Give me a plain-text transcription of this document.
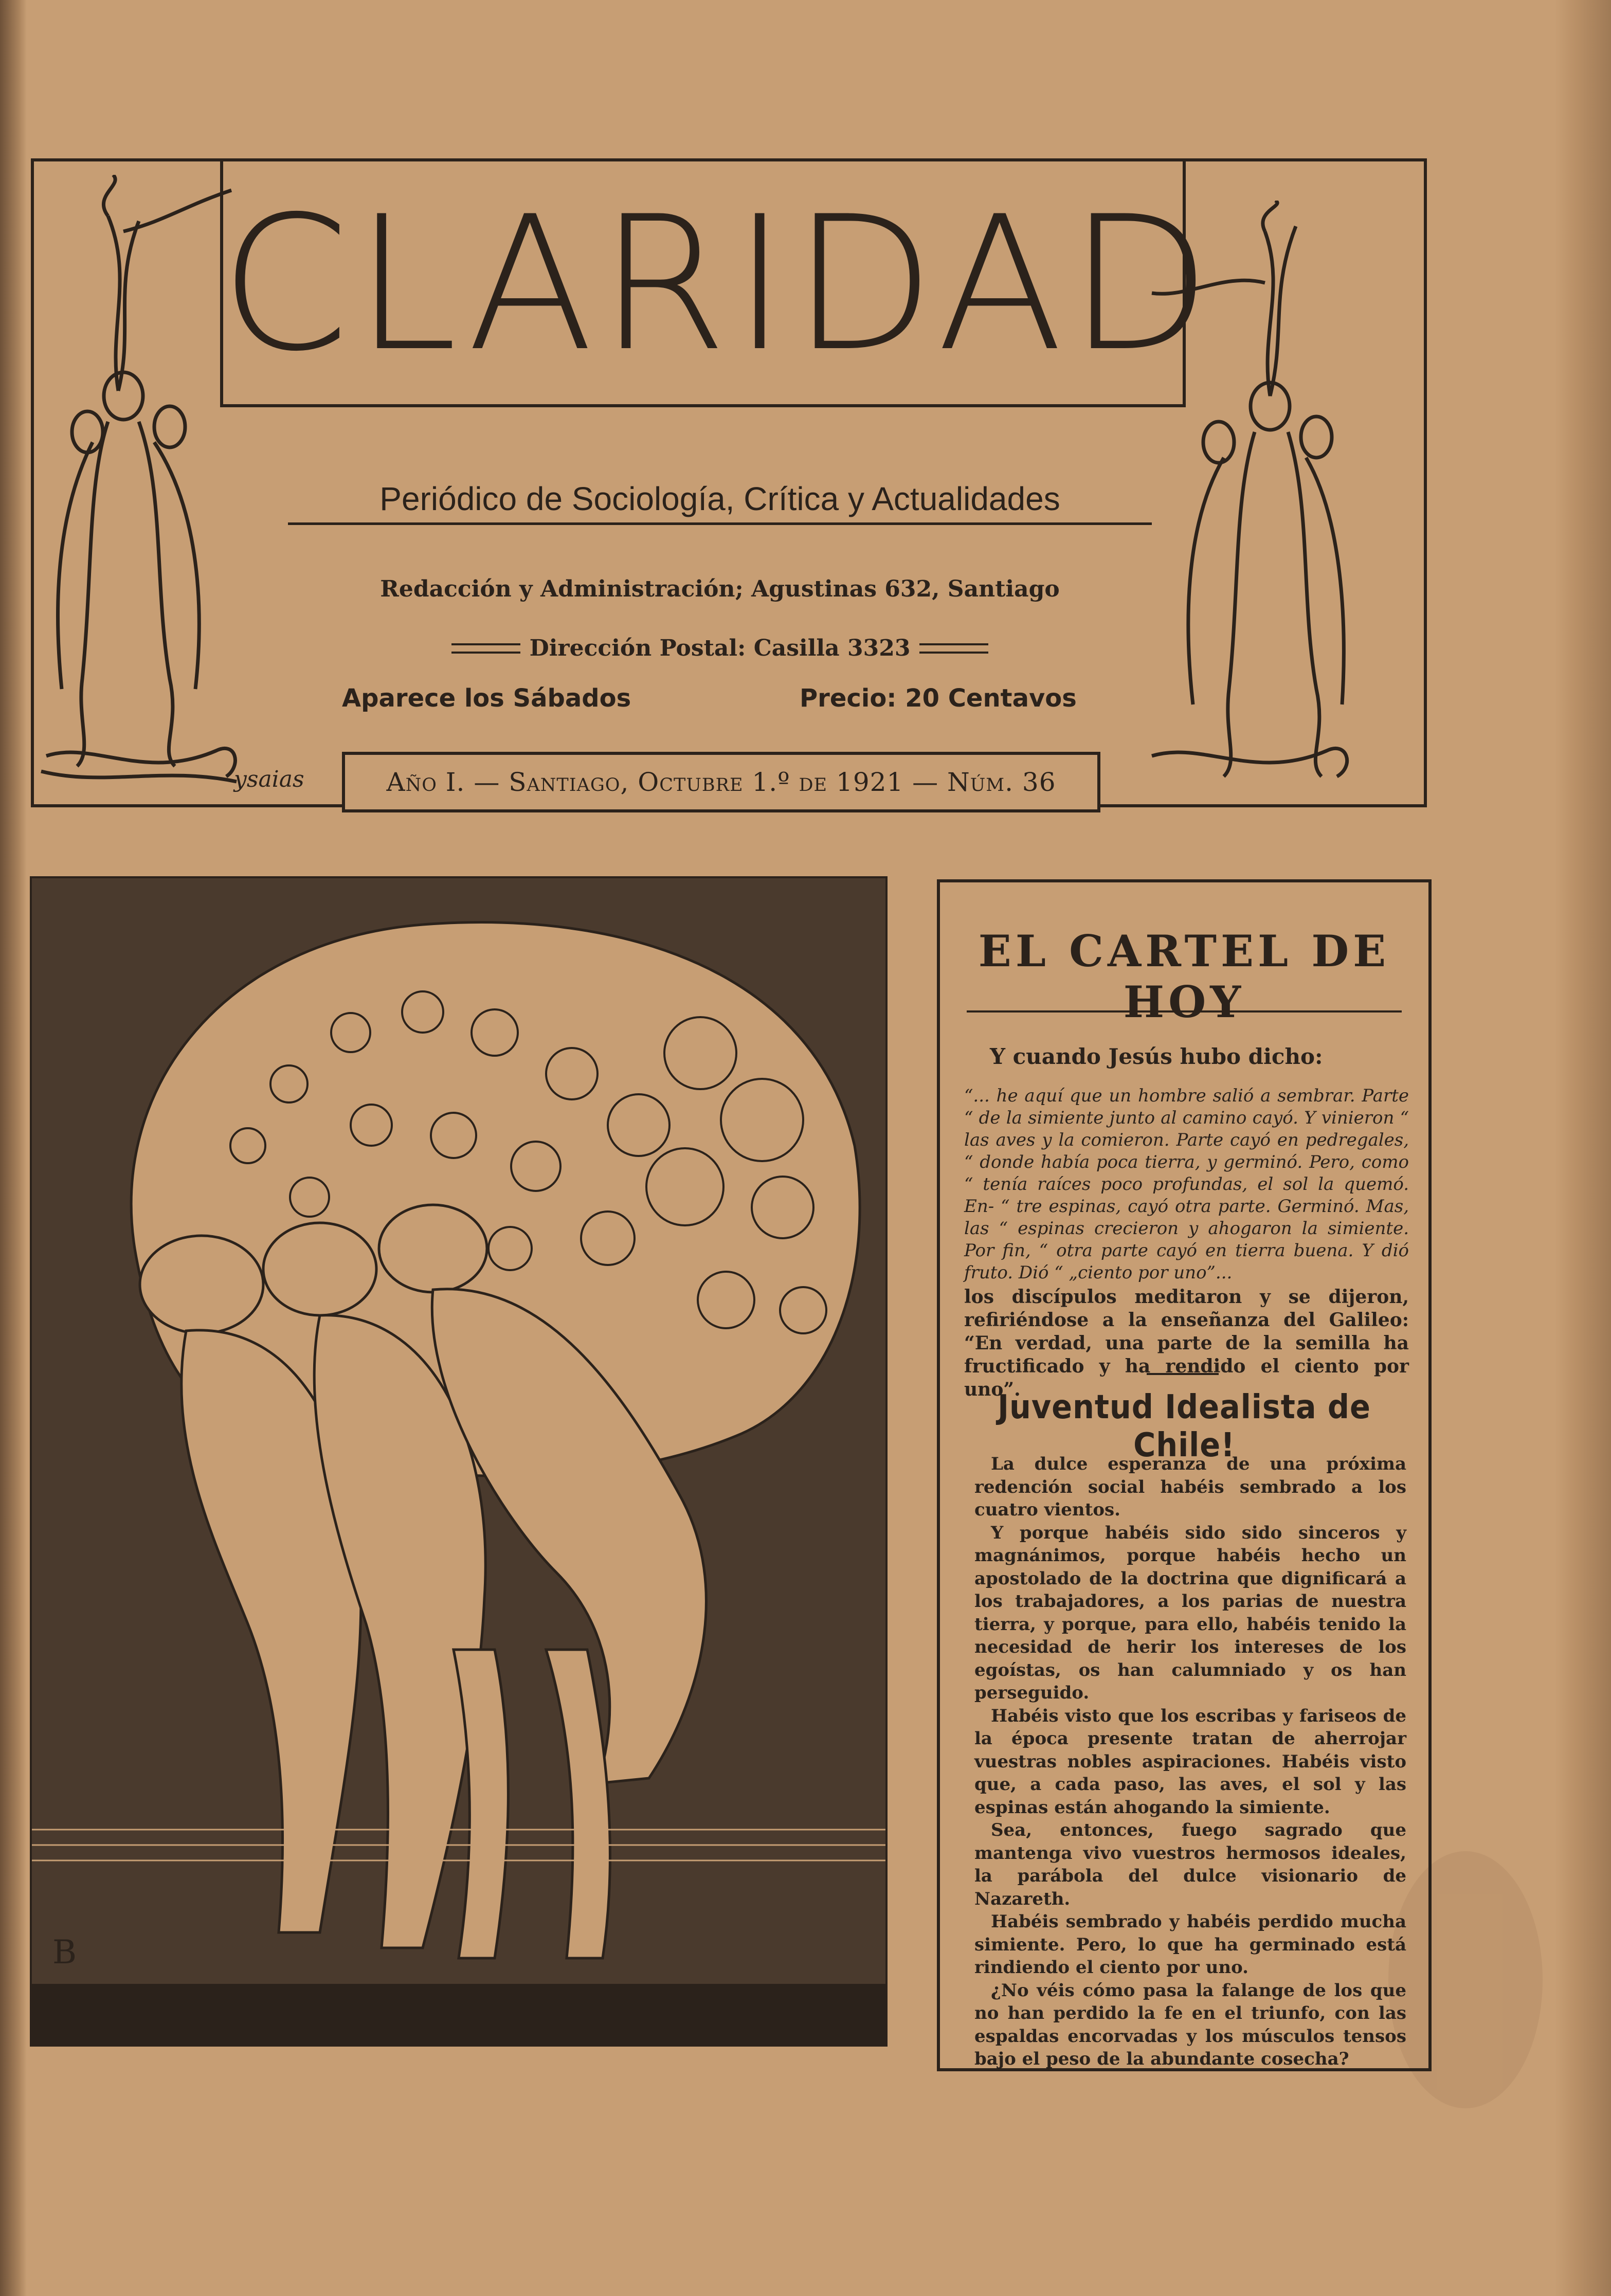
CLARIDAD
Periódico de Sociología, Crítica y Actualidades
Redacción y Administración; Agustinas 632, Santiago
Dirección Postal: Casilla 3323
Aparece los Sábados	Precio: 20 Centavos
ysaias	Año I. — Santiago, Octubre 1.º de 1921 — Núm. 36
B
EL CARTEL DE HOY
Y cuando Jesús hubo dicho:
“... he aquí que un hombre salió a sembrar. Parte “ de la simiente junto al camino cayó. Y vinieron “ las aves y la comieron. Parte cayó en pedregales, “ donde había poca tierra, y germinó. Pero, como “ tenía raíces poco profundas, el sol la quemó. En- “ tre espinas, cayó otra parte. Germinó. Mas, las “ espinas crecieron y ahogaron la simiente. Por fin, “ otra parte cayó en tierra buena. Y dió fruto. Dió “ „ciento por uno”...
los discípulos meditaron y se dijeron, refiriéndose a la enseñanza del Galileo: “En verdad, una parte de la semilla ha fructificado y ha rendido el ciento por uno”.
Juventud Idealista de Chile!

La dulce esperanza de una próxima redención social habéis sembrado a los cuatro vientos.

Y porque habéis sido sido sinceros y magnánimos, porque habéis hecho un apostolado de la doctrina que dignificará a los trabajadores, a los parias de nuestra tierra, y porque, para ello, habéis tenido la necesidad de herir los intereses de los egoístas, os han calumniado y os han perseguido.

Habéis visto que los escribas y fariseos de la época presente tratan de aherrojar vuestras nobles aspiraciones. Habéis visto que, a cada paso, las aves, el sol y las espinas están ahogando la simiente.

Sea, entonces, fuego sagrado que mantenga vivo vuestros hermosos ideales, la parábola del dulce visionario de Nazareth.

Habéis sembrado y habéis perdido mucha simiente. Pero, lo que ha germinado está rindiendo el ciento por uno.

¿No véis cómo pasa la falange de los que no han perdido la fe en el triunfo, con las espaldas encorvadas y los músculos tensos bajo el peso de la abundante cosecha?
